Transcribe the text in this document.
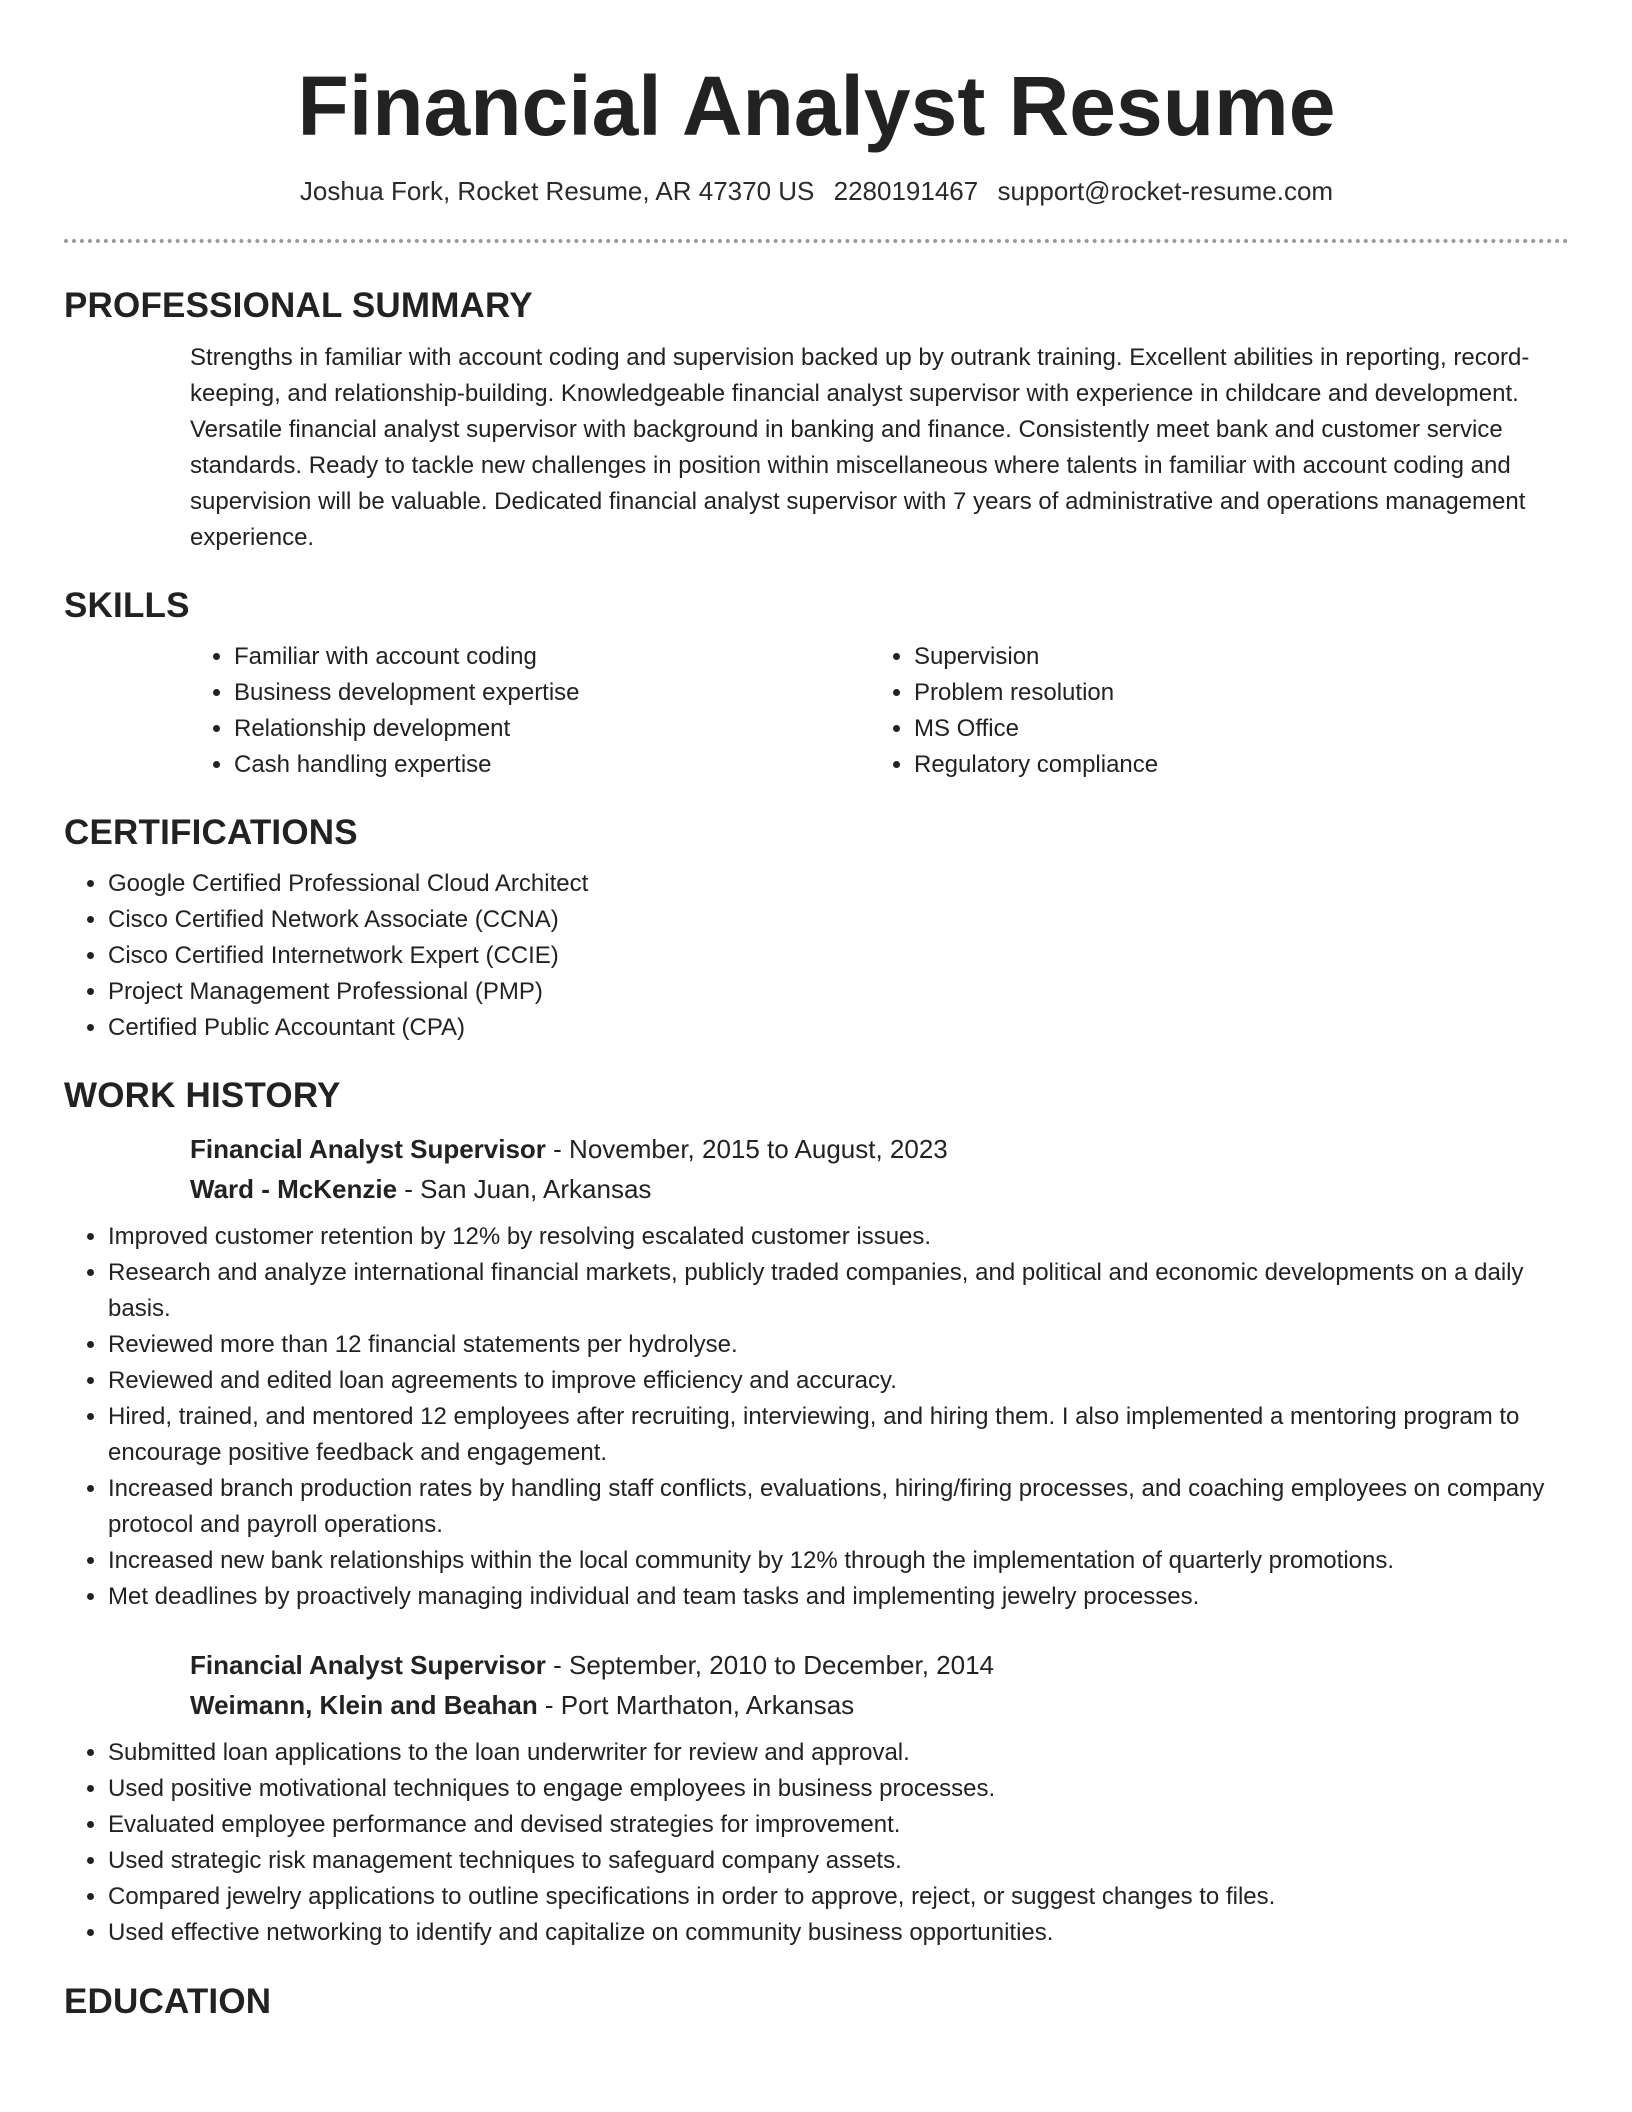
Financial Analyst Resume
Joshua Fork, Rocket Resume, AR 47370 US 2280191467 support@rocket-resume.com
PROFESSIONAL SUMMARY

Strengths in familiar with account coding and supervision backed up by outrank training. Excellent abilities in reporting, record-keeping, and relationship-building. Knowledgeable financial analyst supervisor with experience in childcare and development. Versatile financial analyst supervisor with background in banking and finance. Consistently meet bank and customer service standards. Ready to tackle new challenges in position within miscellaneous where talents in familiar with account coding and supervision will be valuable. Dedicated financial analyst supervisor with 7 years of administrative and operations management experience.

SKILLS
• Familiar with account coding
• Business development expertise
• Relationship development
• Cash handling expertise
• Supervision
• Problem resolution
• MS Office
• Regulatory compliance
CERTIFICATIONS
• Google Certified Professional Cloud Architect
• Cisco Certified Network Associate (CCNA)
• Cisco Certified Internetwork Expert (CCIE)
• Project Management Professional (PMP)
• Certified Public Accountant (CPA)
WORK HISTORY
Financial Analyst Supervisor - November, 2015 to August, 2023
Ward - McKenzie - San Juan, Arkansas
• Improved customer retention by 12% by resolving escalated customer issues.
• Research and analyze international financial markets, publicly traded companies, and political and economic developments on a daily basis.
• Reviewed more than 12 financial statements per hydrolyse.
• Reviewed and edited loan agreements to improve efficiency and accuracy.
• Hired, trained, and mentored 12 employees after recruiting, interviewing, and hiring them. I also implemented a mentoring program to encourage positive feedback and engagement.
• Increased branch production rates by handling staff conflicts, evaluations, hiring/firing processes, and coaching employees on company protocol and payroll operations.
• Increased new bank relationships within the local community by 12% through the implementation of quarterly promotions.
• Met deadlines by proactively managing individual and team tasks and implementing jewelry processes.
Financial Analyst Supervisor - September, 2010 to December, 2014
Weimann, Klein and Beahan - Port Marthaton, Arkansas
• Submitted loan applications to the loan underwriter for review and approval.
• Used positive motivational techniques to engage employees in business processes.
• Evaluated employee performance and devised strategies for improvement.
• Used strategic risk management techniques to safeguard company assets.
• Compared jewelry applications to outline specifications in order to approve, reject, or suggest changes to files.
• Used effective networking to identify and capitalize on community business opportunities.
EDUCATION
